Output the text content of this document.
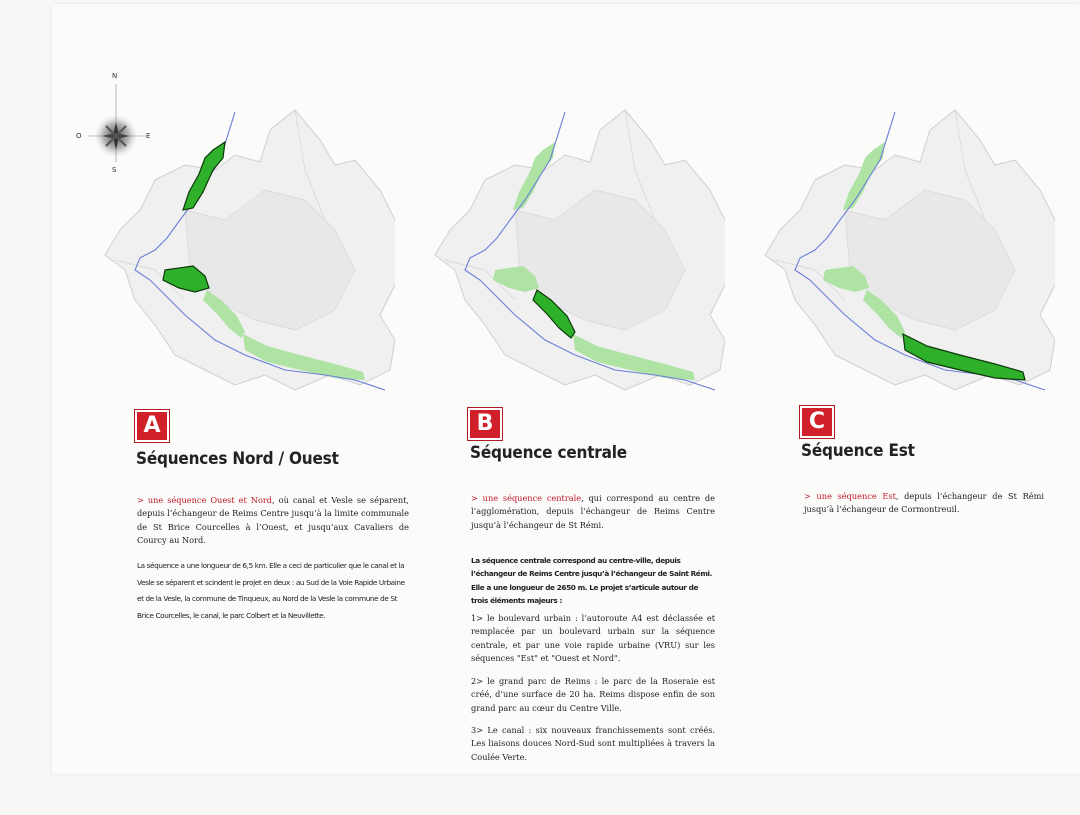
N
O	E
S
A
Séquences Nord / Ouest
> une séquence Ouest et Nord, où canal et Vesle se séparent, depuis l’échangeur de Reims Centre jusqu’à la limite communale de St Brice Courcelles à l’Ouest, et jusqu’aux Cavaliers de Courcy au Nord.
La séquence a une longueur de 6,5 km. Elle a ceci de particulier que le canal et la Vesle se séparent et scindent le projet en deux : au Sud de la Voie Rapide Urbaine et de la Vesle, la commune de Tinqueux, au Nord de la Vesle la commune de St Brice Courcelles, le canal, le parc Colbert et la Neuvillette.
B
Séquence centrale
> une séquence centrale, qui correspond au centre de l’agglomération, depuis l’échangeur de Reims Centre jusqu’à l’échangeur de St Rémi.
La séquence centrale correspond au centre-ville, depuis l’échangeur de Reims Centre jusqu’à l’échangeur de Saint Rémi. Elle a une longueur de 2650 m. Le projet s’articule autour de trois éléments majeurs :
1> le boulevard urbain : l’autoroute A4 est déclassée et remplacée par un boulevard urbain sur la séquence centrale, et par une voie rapide urbaine (VRU) sur les séquences "Est" et "Ouest et Nord".
2> le grand parc de Reims : le parc de la Roseraie est créé, d’une surface de 20 ha. Reims dispose enfin de son grand parc au cœur du Centre Ville.
3> Le canal : six nouveaux franchissements sont créés. Les liaisons douces Nord-Sud sont multipliées à travers la Coulée Verte.
C
Séquence Est
> une séquence Est, depuis l’échangeur de St Rémi jusqu’à l’échangeur de Cormontreuil.
